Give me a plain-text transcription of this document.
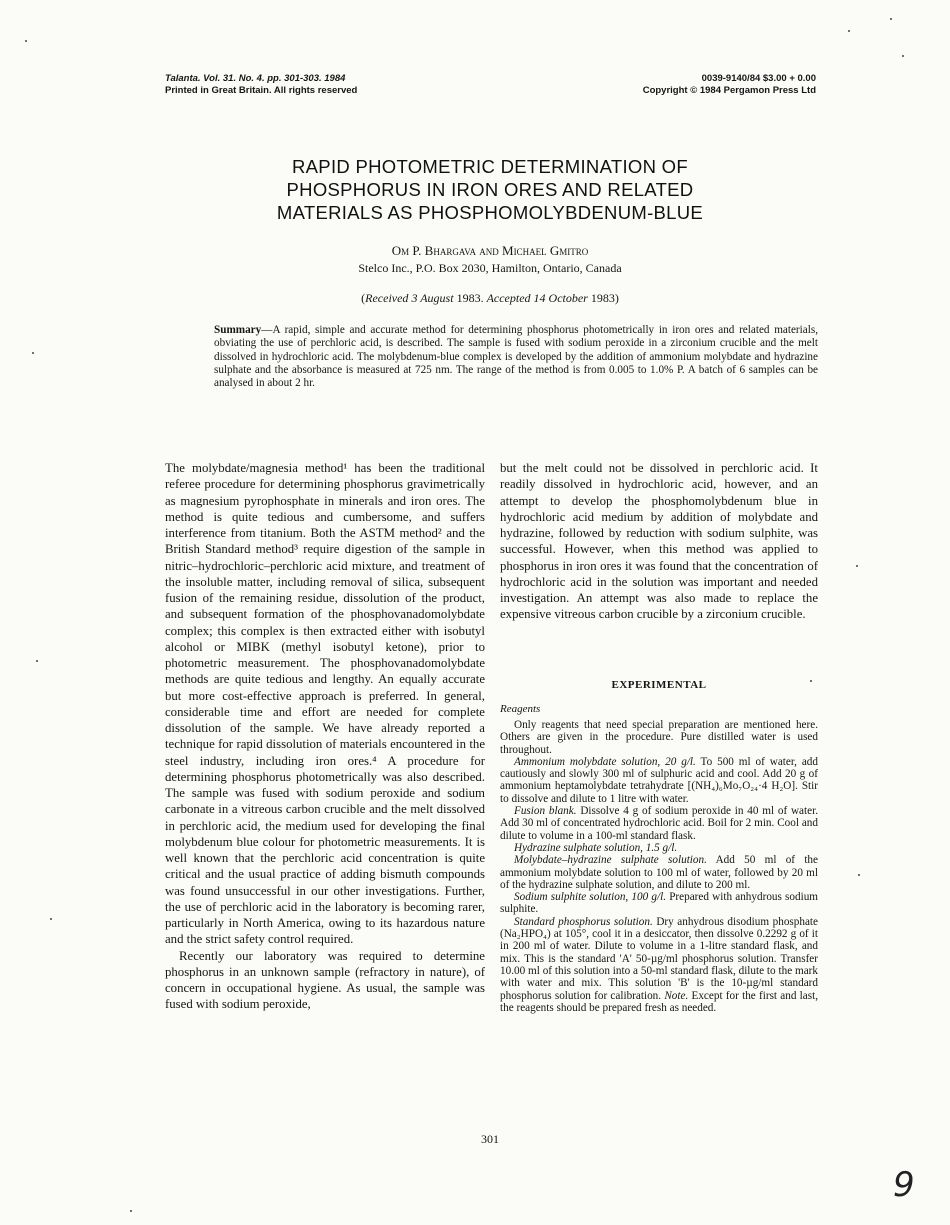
Talanta. Vol. 31. No. 4. pp. 301-303. 1984
Printed in Great Britain. All rights reserved
0039-9140/84 $3.00 + 0.00
Copyright © 1984 Pergamon Press Ltd
RAPID PHOTOMETRIC DETERMINATION OF
PHOSPHORUS IN IRON ORES AND RELATED
MATERIALS AS PHOSPHOMOLYBDENUM-BLUE
Om P. Bhargava and Michael Gmitro
Stelco Inc., P.O. Box 2030, Hamilton, Ontario, Canada
(Received 3 August 1983. Accepted 14 October 1983)
Summary—A rapid, simple and accurate method for determining phosphorus photometrically in iron ores and related materials, obviating the use of perchloric acid, is described. The sample is fused with sodium peroxide in a zirconium crucible and the melt dissolved in hydrochloric acid. The molybdenum-blue complex is developed by the addition of ammonium molybdate and hydrazine sulphate and the absorbance is measured at 725 nm. The range of the method is from 0.005 to 1.0% P. A batch of 6 samples can be analysed in about 2 hr.

The molybdate/magnesia method¹ has been the traditional referee procedure for determining phosphorus gravimetrically as magnesium pyrophosphate in minerals and iron ores. The method is quite tedious and cumbersome, and suffers interference from titanium. Both the ASTM method² and the British Standard method³ require digestion of the sample in nitric–hydrochloric–perchloric acid mixture, and treatment of the insoluble matter, including removal of silica, subsequent fusion of the remaining residue, dissolution of the product, and subsequent formation of the phosphovanadomolybdate complex; this complex is then extracted either with isobutyl alcohol or MIBK (methyl isobutyl ketone), prior to photometric measurement. The phosphovanadomolybdate methods are quite tedious and lengthy. An equally accurate but more cost-effective approach is preferred. In general, considerable time and effort are needed for complete dissolution of the sample. We have already reported a technique for rapid dissolution of materials encountered in the steel industry, including iron ores.⁴ A procedure for determining phosphorus photometrically was also described. The sample was fused with sodium peroxide and sodium carbonate in a vitreous carbon crucible and the melt dissolved in perchloric acid, the medium used for developing the final molybdenum blue colour for photometric measurements. It is well known that the perchloric acid concentration is quite critical and the usual practice of adding bismuth compounds was found unsuccessful in our other investigations. Further, the use of perchloric acid in the laboratory is becoming rarer, particularly in North America, owing to its hazardous nature and the strict safety control required.

Recently our laboratory was required to determine phosphorus in an unknown sample (refractory in nature), of concern in occupational hygiene. As usual, the sample was fused with sodium peroxide,

but the melt could not be dissolved in perchloric acid. It readily dissolved in hydrochloric acid, however, and an attempt to develop the phosphomolybdenum blue in hydrochloric acid medium by addition of molybdate and hydrazine, followed by reduction with sodium sulphite, was successful. However, when this method was applied to phosphorus in iron ores it was found that the concentration of hydrochloric acid in the solution was important and needed investigation. An attempt was also made to replace the expensive vitreous carbon crucible by a zirconium crucible.

EXPERIMENTAL
Reagents

Only reagents that need special preparation are mentioned here. Others are given in the procedure. Pure distilled water is used throughout.

Ammonium molybdate solution, 20 g/l. To 500 ml of water, add cautiously and slowly 300 ml of sulphuric acid and cool. Add 20 g of ammonium heptamolybdate tetrahydrate [(NH₄)₆Mo₇O₂₄·4 H₂O]. Stir to dissolve and dilute to 1 litre with water.

Fusion blank. Dissolve 4 g of sodium peroxide in 40 ml of water. Add 30 ml of concentrated hydrochloric acid. Boil for 2 min. Cool and dilute to volume in a 100-ml standard flask.

Hydrazine sulphate solution, 1.5 g/l.

Molybdate–hydrazine sulphate solution. Add 50 ml of the ammonium molybdate solution to 100 ml of water, followed by 20 ml of the hydrazine sulphate solution, and dilute to 200 ml.

Sodium sulphite solution, 100 g/l. Prepared with anhydrous sodium sulphite.

Standard phosphorus solution. Dry anhydrous disodium phosphate (Na₂HPO₄) at 105°, cool it in a desiccator, then dissolve 0.2292 g of it in 200 ml of water. Dilute to volume in a 1-litre standard flask, and mix. This is the standard 'A' 50-µg/ml phosphorus solution. Transfer 10.00 ml of this solution into a 50-ml standard flask, dilute to the mark with water and mix. This solution 'B' is the 10-µg/ml standard phosphorus solution for calibration. Note. Except for the first and last, the reagents should be prepared fresh as needed.

301
9
